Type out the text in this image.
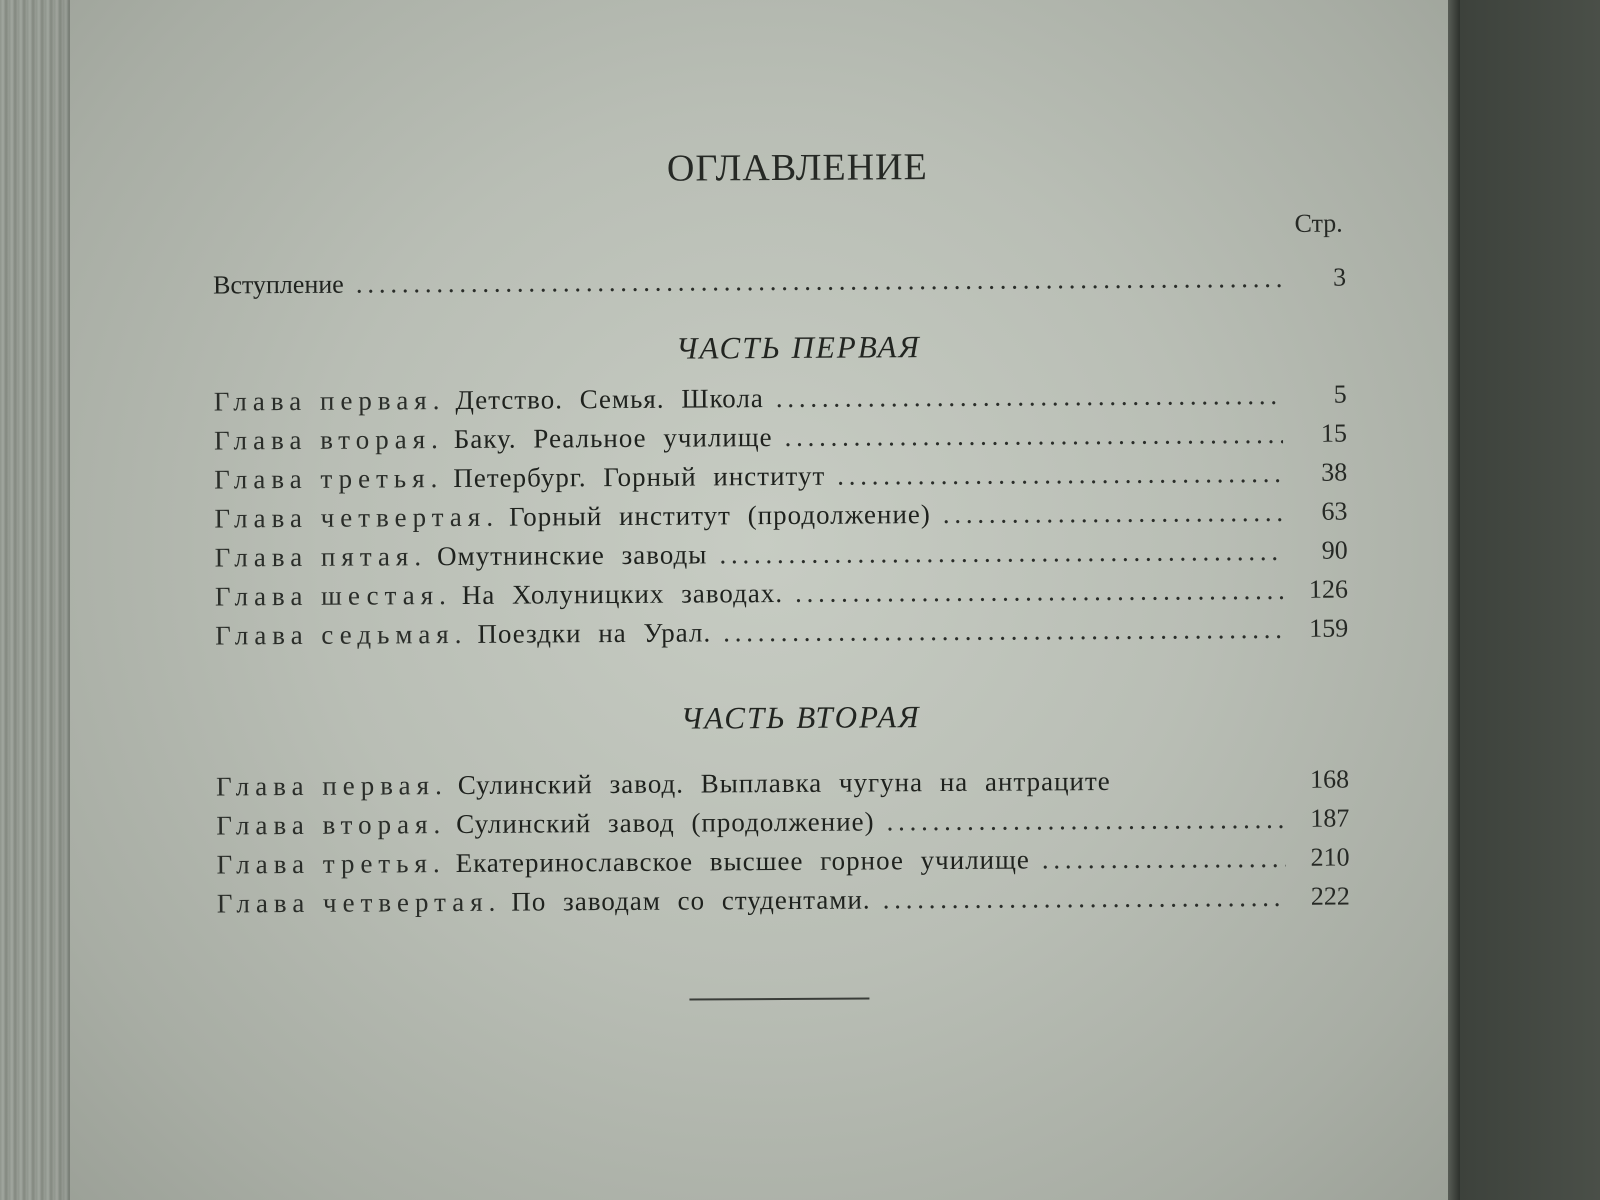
ОГЛАВЛЕНИЕ
Стр.
Вступление . . .	3
ЧАСТЬ ПЕРВАЯ
Глава первая. Детство. Семья. Школа . . .	5
Глава вторая. Баку. Реальное училище . . .	15
Глава третья. Петербург. Горный институт . . .	38
Глава четвертая. Горный институт (продолжение) . . .	63
Глава пятая. Омутнинские заводы . . .	90
Глава шестая. На Холуницких заводах. . . .	126
Глава седьмая. Поездки на Урал. . . .	159
ЧАСТЬ ВТОРАЯ
Глава первая. Сулинский завод. Выплавка чугуна на антраците	168
Глава вторая. Сулинский завод (продолжение) . . .	187
Глава третья. Екатеринославское высшее горное училище . . .	210
Глава четвертая. По заводам со студентами. . . .	222
